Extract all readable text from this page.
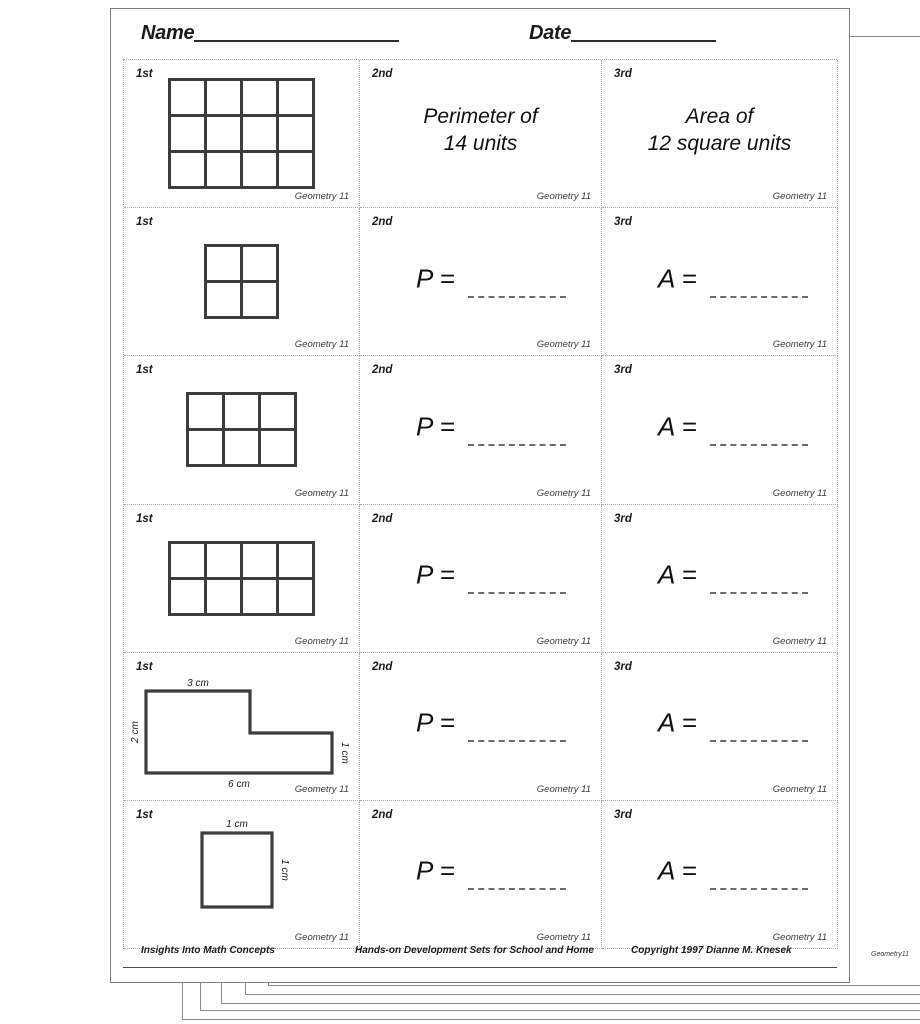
Name	Date
1st
Geometry 11
2nd
Perimeter of
14 units
Geometry 11
3rd
Area of
12 square units
Geometry 11
1st
Geometry 11
2nd
P =
Geometry 11
3rd
A =
Geometry 11
1st
Geometry 11
2nd
P =
Geometry 11
3rd
A =
Geometry 11
1st
Geometry 11
2nd
P =
Geometry 11
3rd
A =
Geometry 11
1st
3 cm
2 cm
1 cm
6 cm	Geometry 11
2nd
P =
Geometry 11
3rd
A =
Geometry 11
1st
1 cm
1 cm
Geometry 11
2nd
P =
Geometry 11
3rd
A =
Geometry 11
Insights Into Math Concepts	Hands-on Development Sets for School and Home	Copyright 1997 Dianne M. Knesek	Geometry11
